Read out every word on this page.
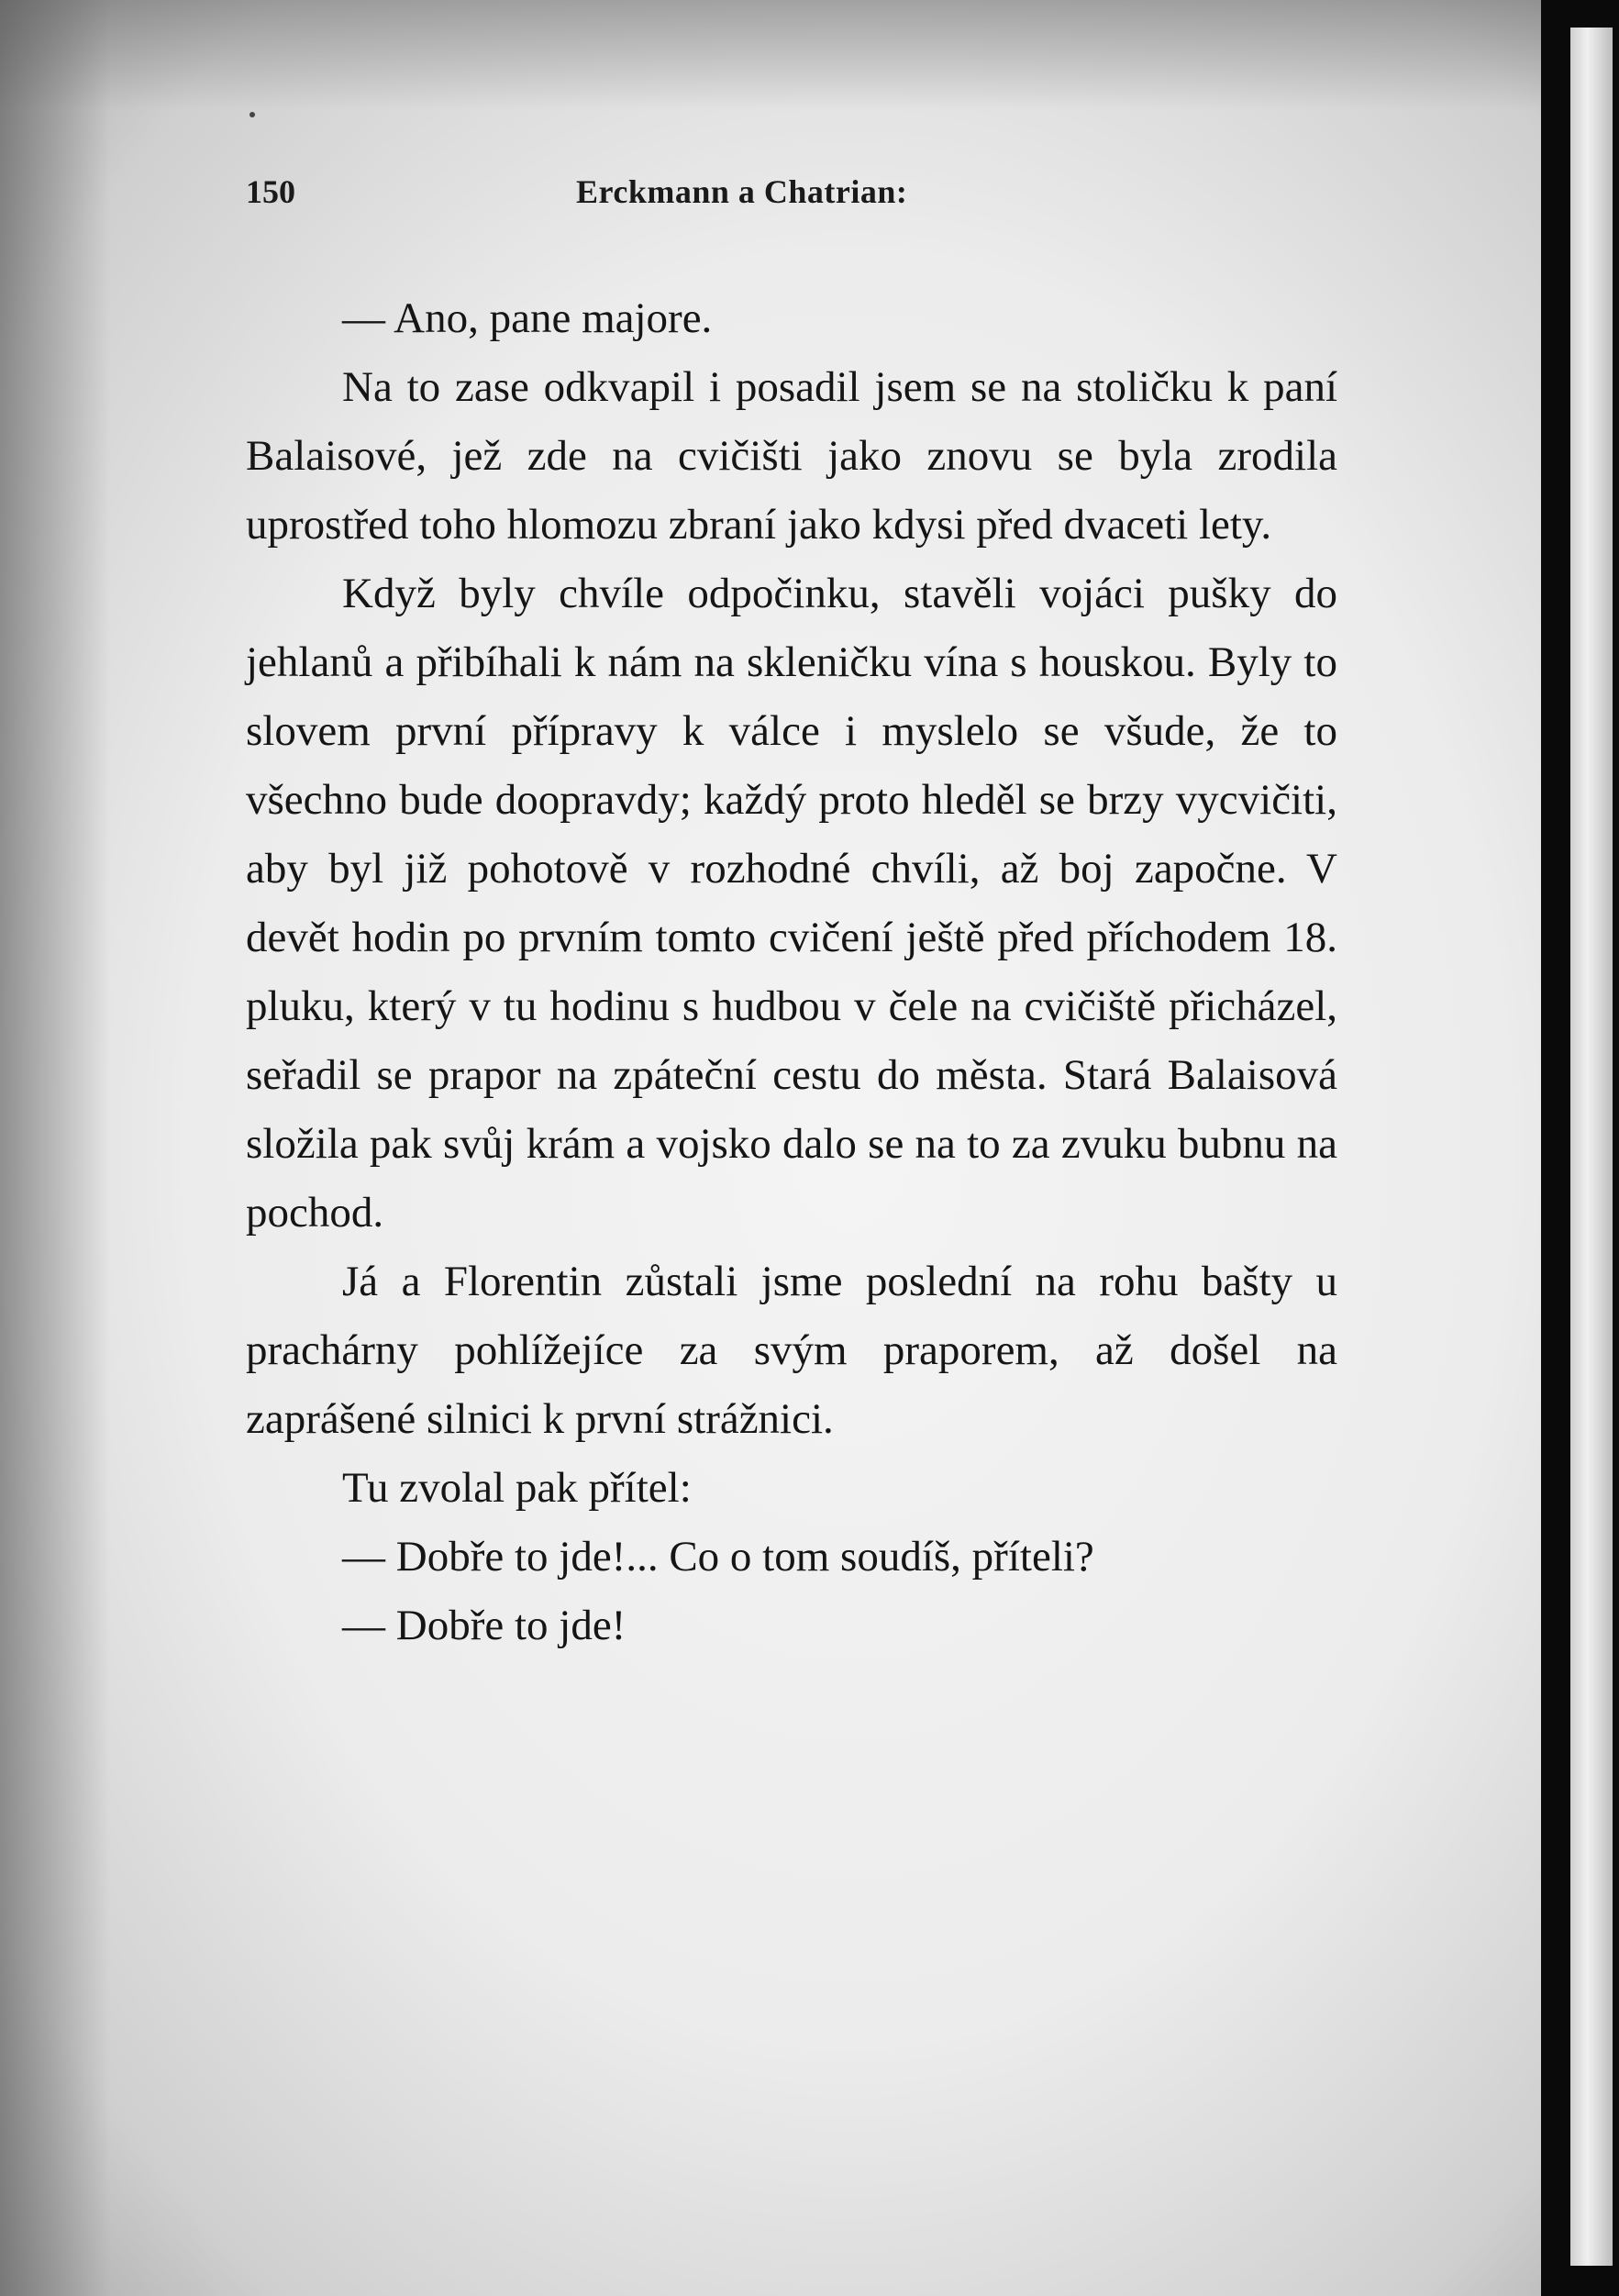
150	Erckmann a Chatrian:

— Ano, pane majore.

Na to zase odkvapil i posadil jsem se na stoličku k paní Balaisové, jež zde na cvičišti jako znovu se byla zrodila uprostřed toho hlomozu zbraní jako kdysi před dvaceti lety.

Když byly chvíle odpočinku, stavěli vojáci pušky do jehlanů a přibíhali k nám na skleničku vína s houskou. Byly to slovem první přípravy k válce i myslelo se všude, že to všechno bude doopravdy; každý proto hleděl se brzy vycvičiti, aby byl již pohotově v rozhodné chvíli, až boj započne. V devět hodin po prvním tomto cvičení ještě před příchodem 18. pluku, který v tu hodinu s hudbou v čele na cvičiště přicházel, seřadil se prapor na zpáteční cestu do města. Stará Balaisová složila pak svůj krám a vojsko dalo se na to za zvuku bubnu na pochod.

Já a Florentin zůstali jsme poslední na rohu bašty u prachárny pohlížejíce za svým praporem, až došel na zaprášené silnici k první strážnici.

Tu zvolal pak přítel:

— Dobře to jde!... Co o tom soudíš, příteli?

— Dobře to jde!
